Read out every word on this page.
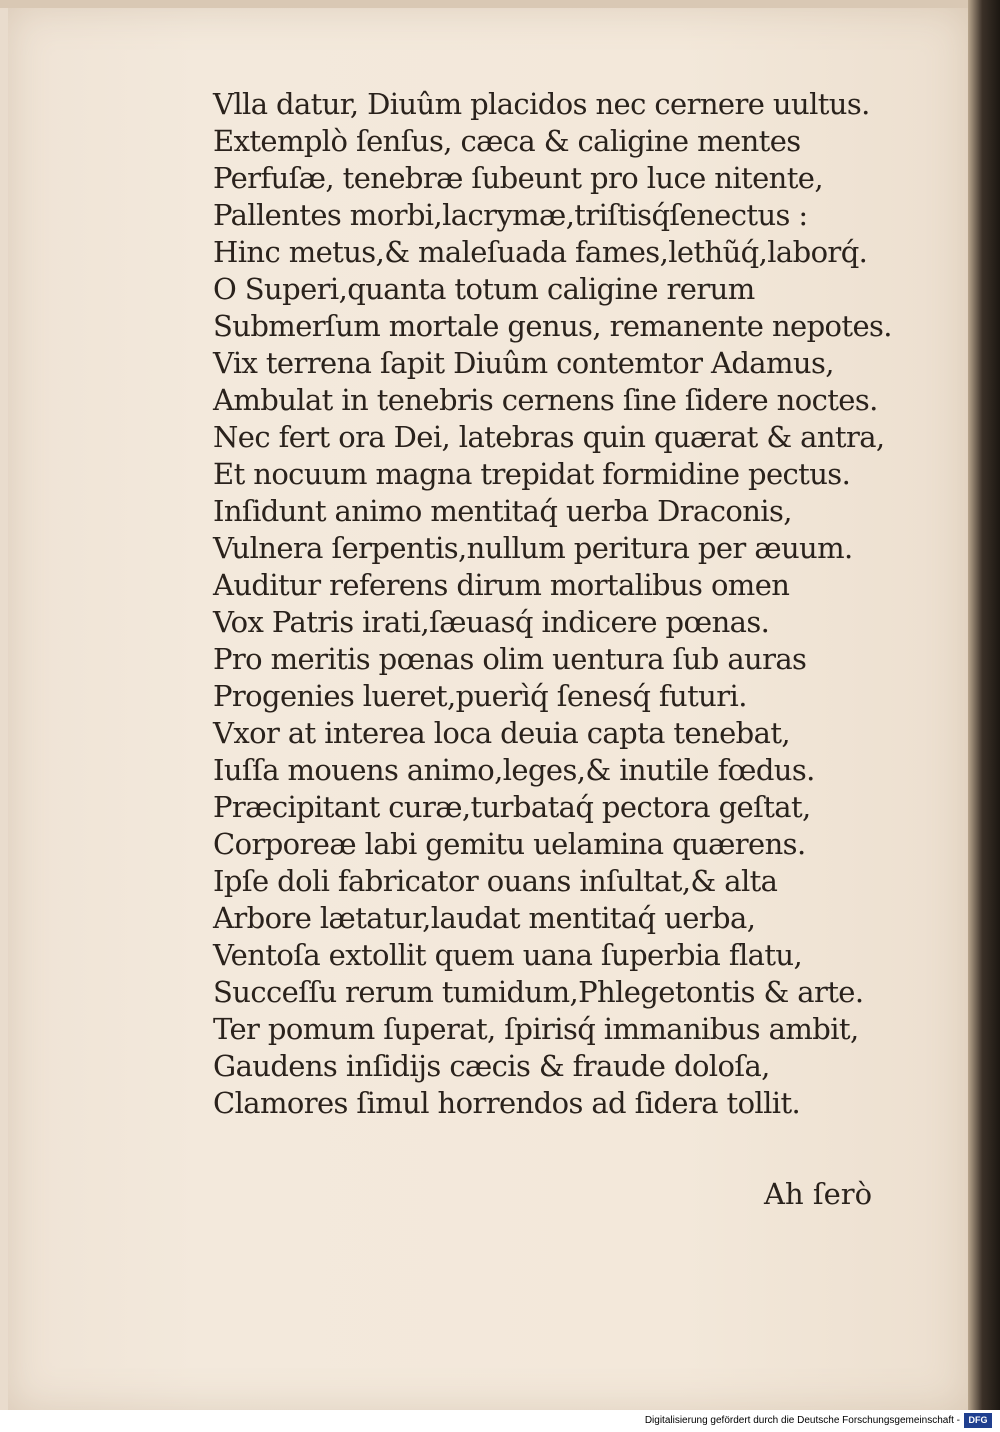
Vlla datur, Diuûm placidos nec cernere uultus.
Extemplò ſenſus, cæca & caligine mentes
Perfuſæ, tenebræ ſubeunt pro luce nitente,
Pallentes morbi,lacrymæ,triſtisq́ſenectus :
Hinc metus,& maleſuada fames,lethũq́,laborq́.
O Superi,quanta totum caligine rerum
Submerſum mortale genus, remanente nepotes.
Vix terrena ſapit Diuûm contemtor Adamus,
Ambulat in tenebris cernens ſine ſidere noctes.
Nec fert ora Dei, latebras quin quærat & antra,
Et nocuum magna trepidat formidine pectus.
Inſidunt animo mentitaq́ uerba Draconis,
Vulnera ſerpentis,nullum peritura per æuum.
Auditur referens dirum mortalibus omen
Vox Patris irati,ſæuasq́ indicere pœnas.
Pro meritis pœnas olim uentura ſub auras
Progenies lueret,puerìq́ ſenesq́ futuri.
Vxor at interea loca deuia capta tenebat,
Iuſſa mouens animo,leges,& inutile fœdus.
Præcipitant curæ,turbataq́ pectora geſtat,
Corporeæ labi gemitu uelamina quærens.
Ipſe doli fabricator ouans inſultat,& alta
Arbore lætatur,laudat mentitaq́ uerba,
Ventoſa extollit quem uana ſuperbia flatu,
Succeſſu rerum tumidum,Phlegetontis & arte.
Ter pomum ſuperat, ſpirisq́ immanibus ambit,
Gaudens inſidijs cæcis & fraude doloſa,
Clamores ſimul horrendos ad ſidera tollit.
Ah ſerò
Digitalisierung gefördert durch die Deutsche Forschungsgemeinschaft - DFG
